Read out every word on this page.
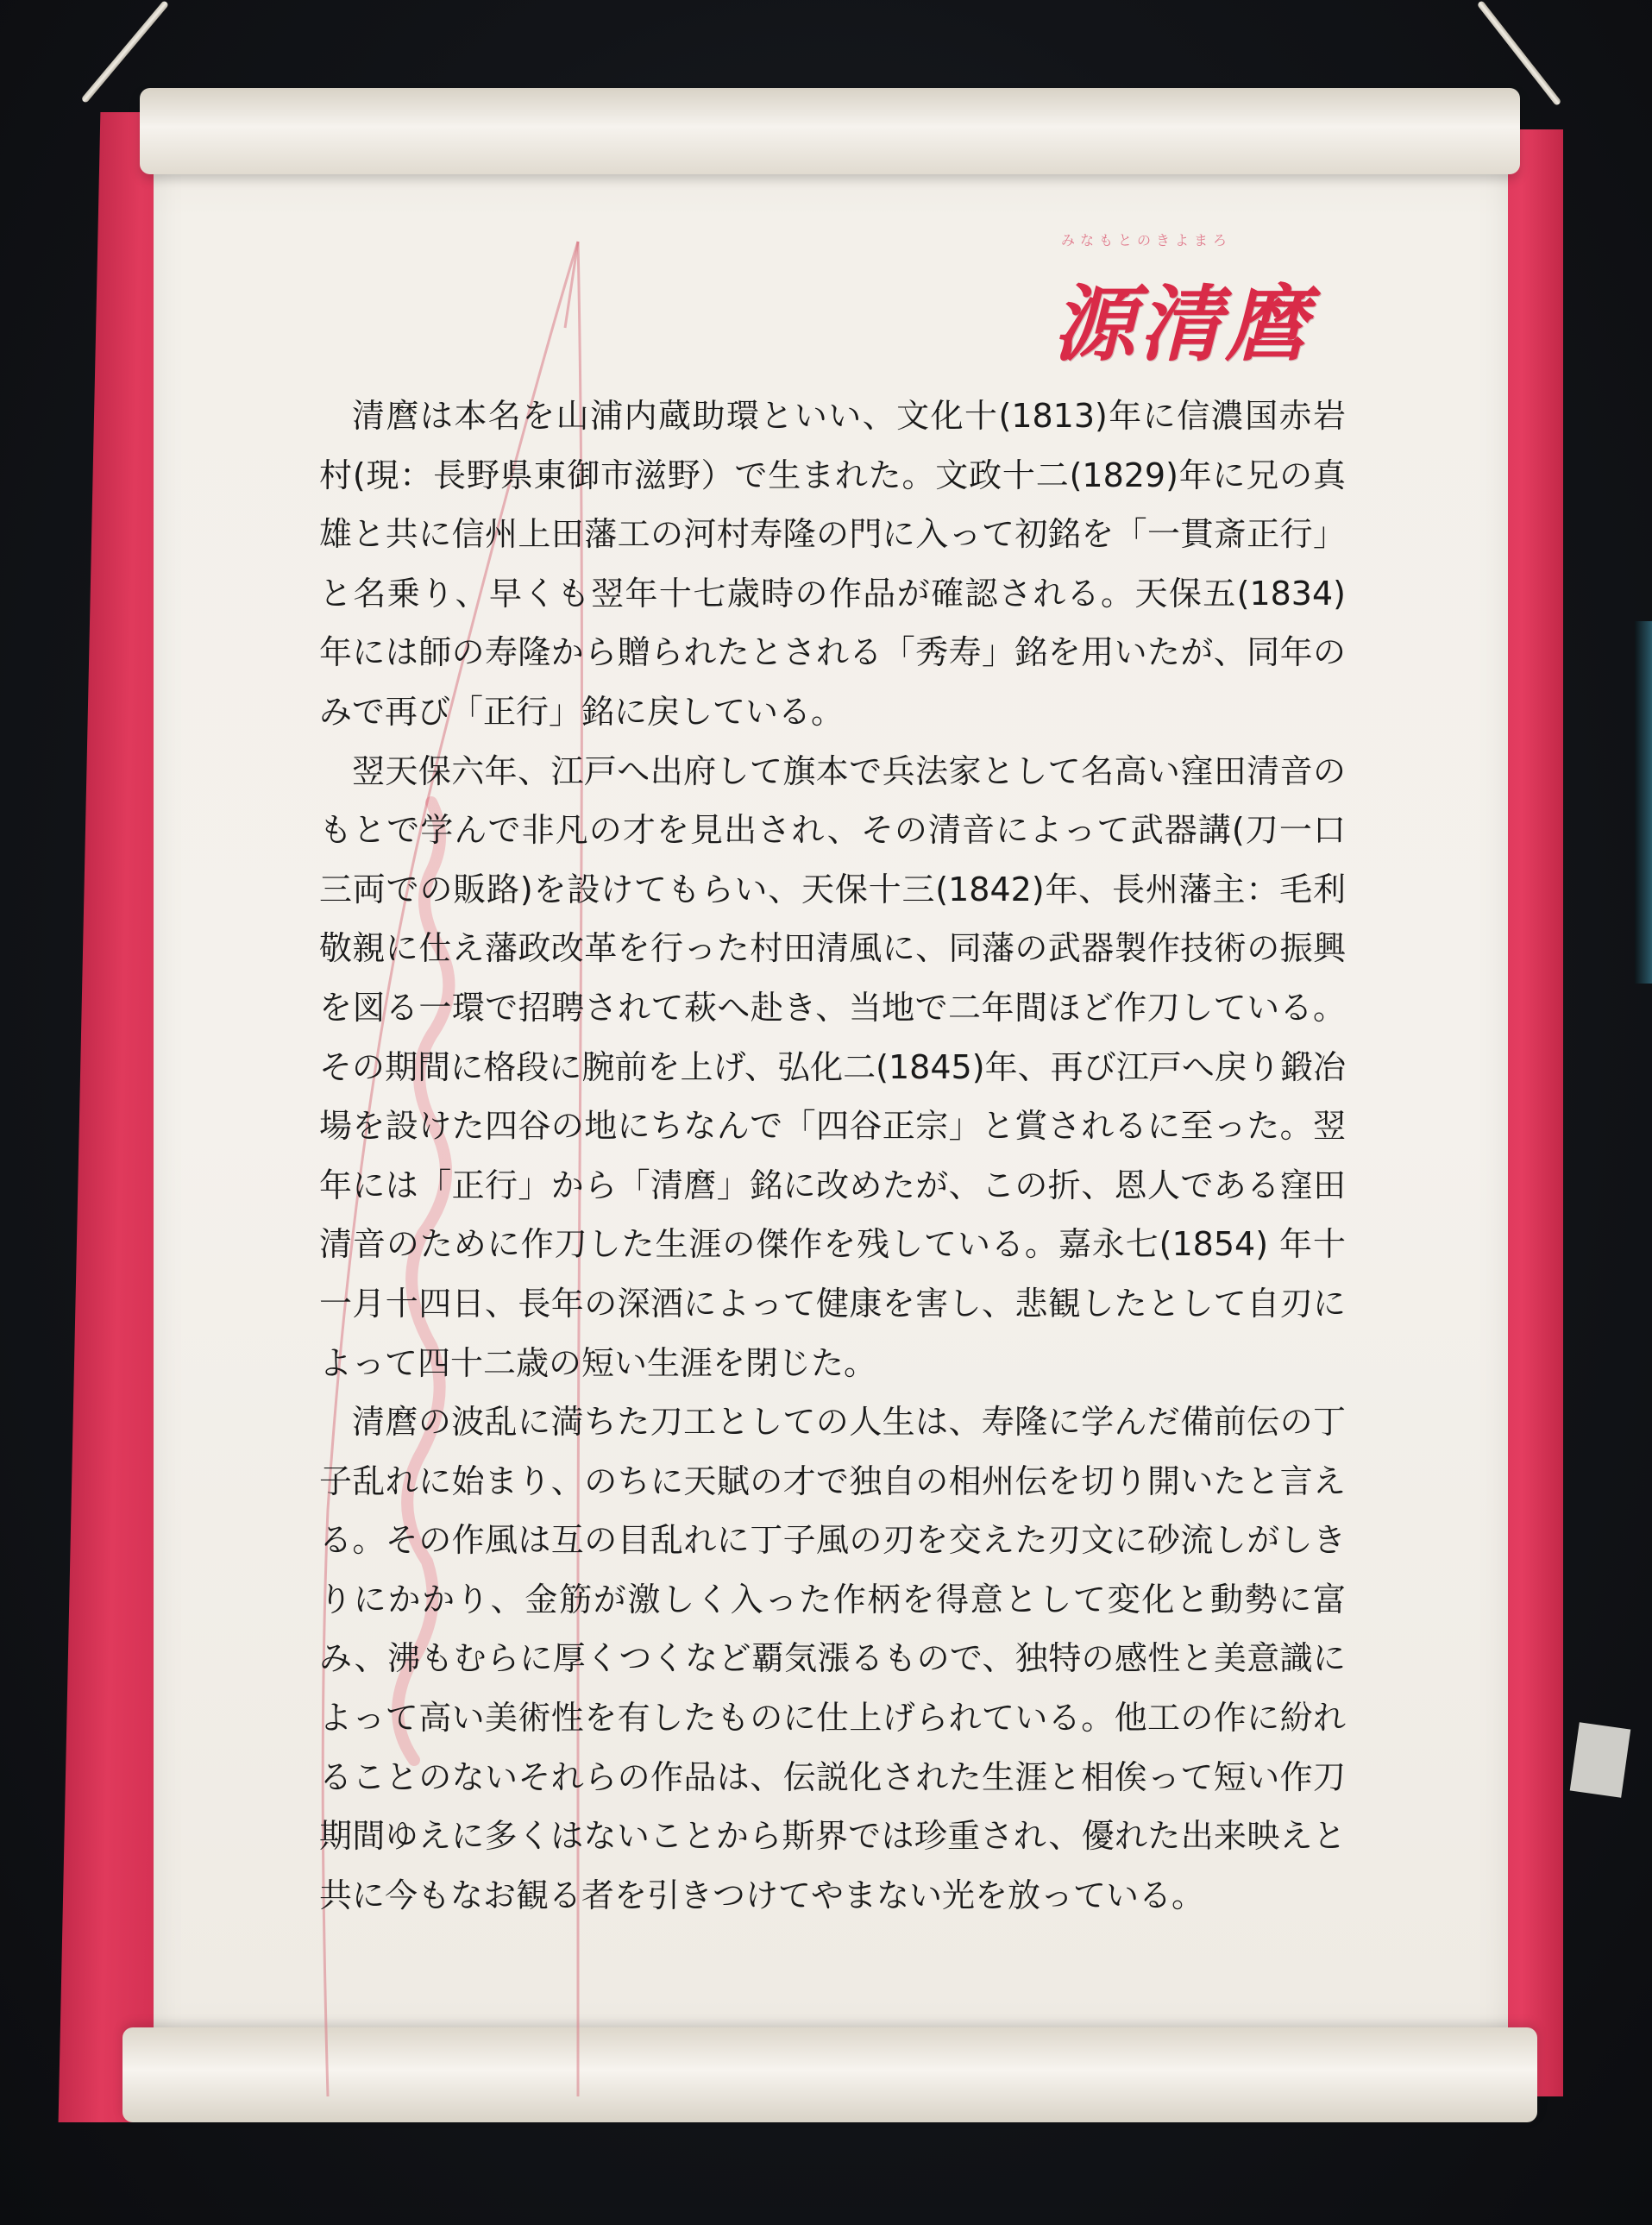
みなもとのきよまろ
源清麿

清麿は本名を山浦内蔵助環といい、文化十(1813)年に信濃国赤岩村(現：長野県東御市滋野）で生まれた。文政十二(1829)年に兄の真雄と共に信州上田藩工の河村寿隆の門に入って初銘を「一貫斎正行」と名乗り、早くも翌年十七歳時の作品が確認される。天保五(1834)年には師の寿隆から贈られたとされる「秀寿」銘を用いたが、同年のみで再び「正行」銘に戻している。

翌天保六年、江戸へ出府して旗本で兵法家として名高い窪田清音のもとで学んで非凡の才を見出され、その清音によって武器講(刀一口三両での販路)を設けてもらい、天保十三(1842)年、長州藩主：毛利敬親に仕え藩政改革を行った村田清風に、同藩の武器製作技術の振興を図る一環で招聘されて萩へ赴き、当地で二年間ほど作刀している。その期間に格段に腕前を上げ、弘化二(1845)年、再び江戸へ戻り鍛冶場を設けた四谷の地にちなんで「四谷正宗」と賞されるに至った。翌年には「正行」から「清麿」銘に改めたが、この折、恩人である窪田清音のために作刀した生涯の傑作を残している。嘉永七(1854) 年十一月十四日、長年の深酒によって健康を害し、悲観したとして自刃によって四十二歳の短い生涯を閉じた。

清麿の波乱に満ちた刀工としての人生は、寿隆に学んだ備前伝の丁子乱れに始まり、のちに天賦の才で独自の相州伝を切り開いたと言える。その作風は互の目乱れに丁子風の刃を交えた刃文に砂流しがしきりにかかり、金筋が激しく入った作柄を得意として変化と動勢に富み、沸もむらに厚くつくなど覇気漲るもので、独特の感性と美意識によって高い美術性を有したものに仕上げられている。他工の作に紛れることのないそれらの作品は、伝説化された生涯と相俟って短い作刀期間ゆえに多くはないことから斯界では珍重され、優れた出来映えと共に今もなお観る者を引きつけてやまない光を放っている。
